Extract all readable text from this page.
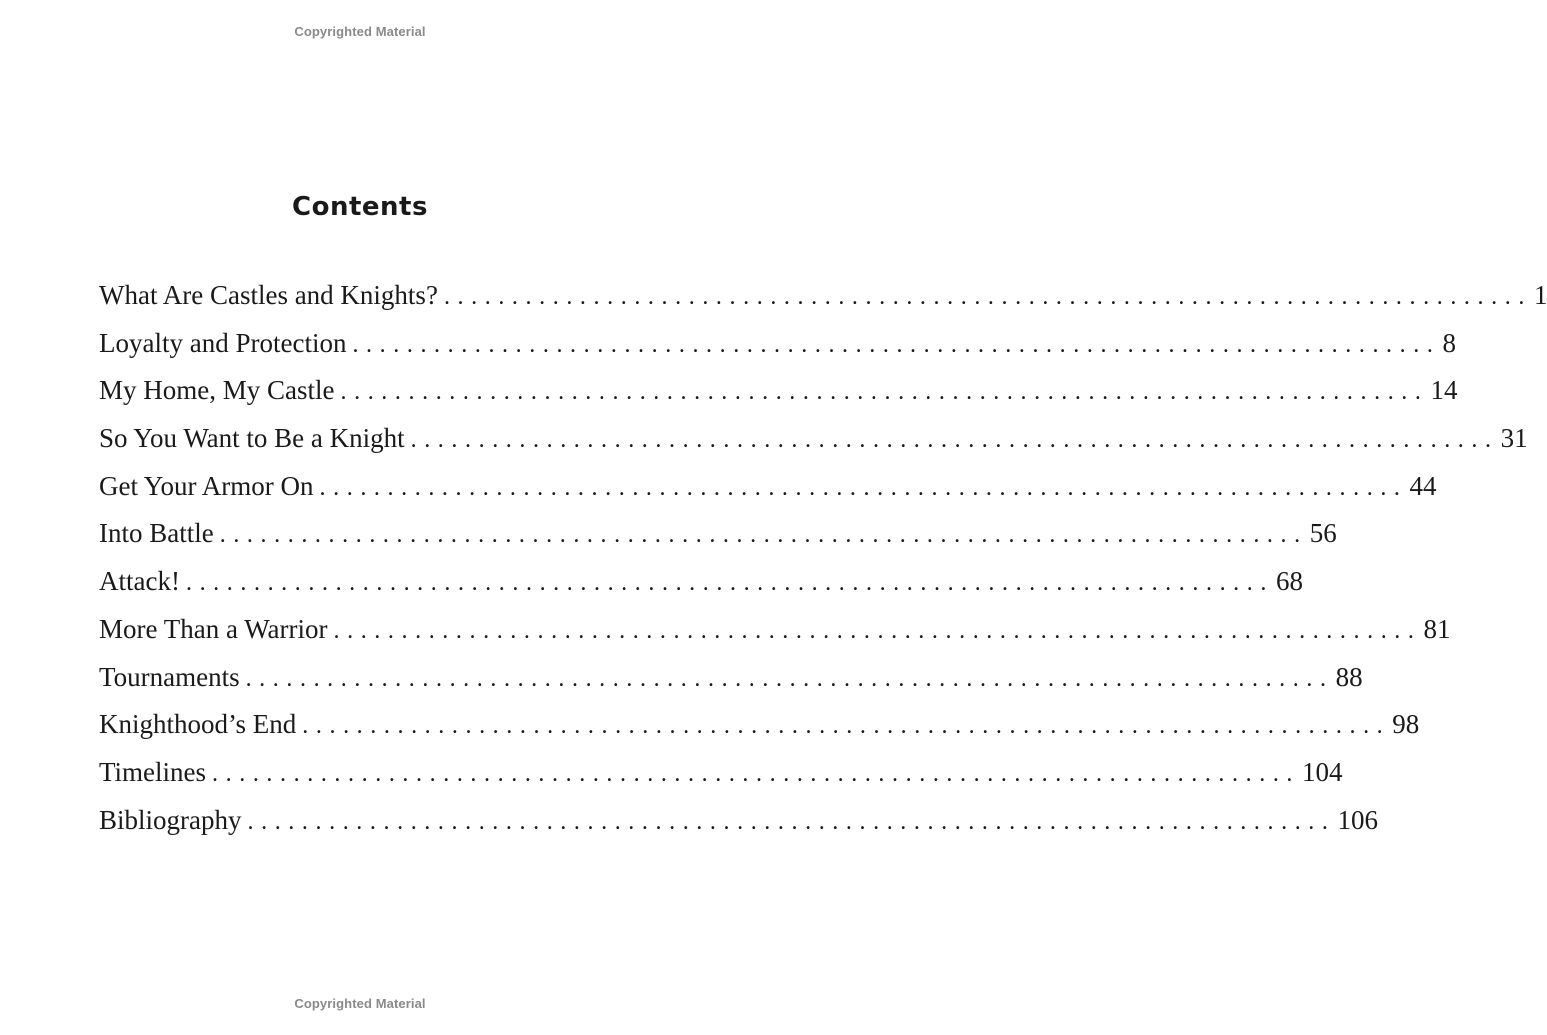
Copyrighted Material
Contents
What Are Castles and Knights? ................................................................................ 1
Loyalty and Protection ................................................................................ 8
My Home, My Castle ................................................................................ 14
So You Want to Be a Knight ................................................................................ 31
Get Your Armor On ................................................................................ 44
Into Battle ................................................................................ 56
Attack! ................................................................................ 68
More Than a Warrior ................................................................................ 81
Tournaments ................................................................................ 88
Knighthood’s End ................................................................................ 98
Timelines ................................................................................ 104
Bibliography ................................................................................ 106
Copyrighted Material
